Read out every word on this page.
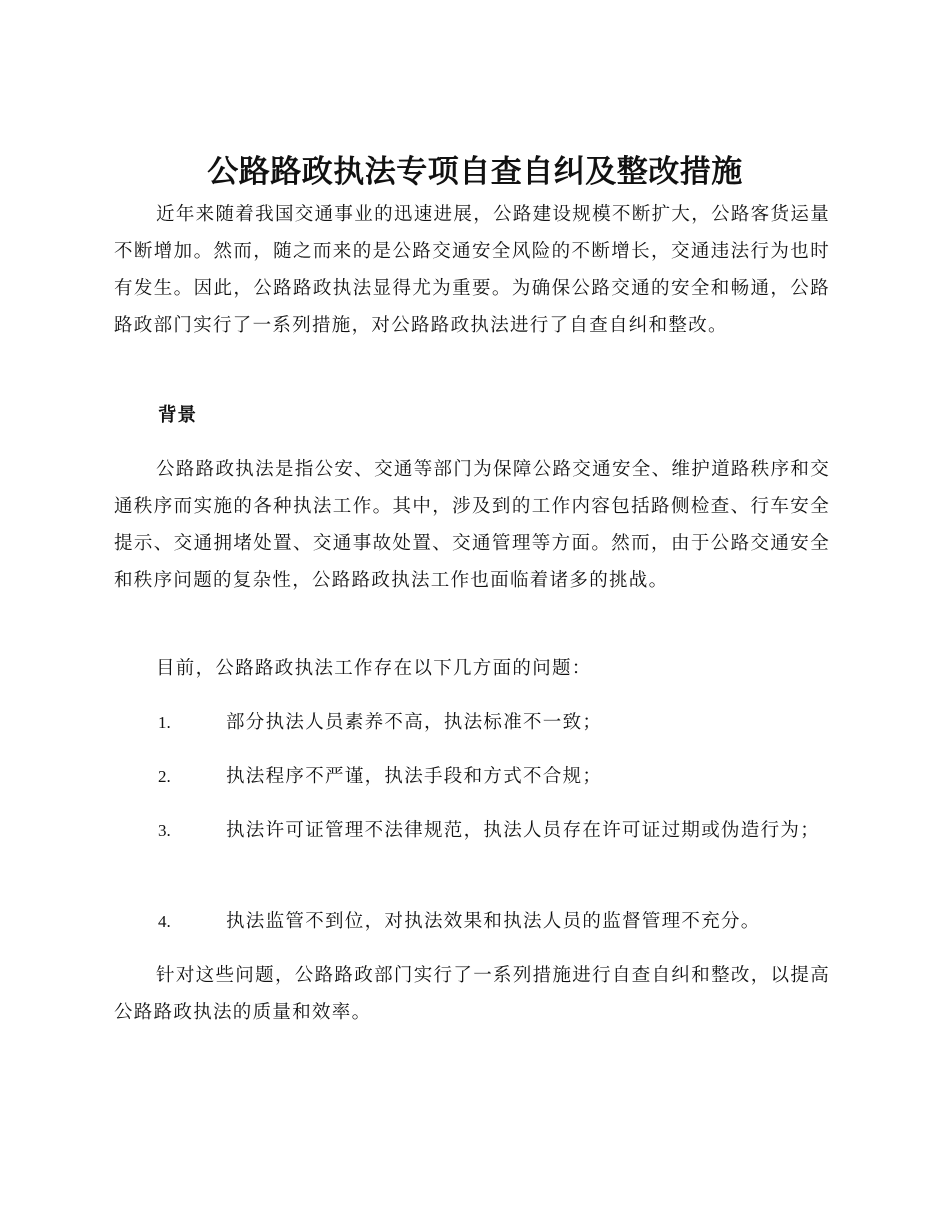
公路路政执法专项自查自纠及整改措施

近年来随着我国交通事业的迅速进展，公路建设规模不断扩大，公路客货运量不断增加。然而，随之而来的是公路交通安全风险的不断增长，交通违法行为也时有发生。因此，公路路政执法显得尤为重要。为确保公路交通的安全和畅通，公路路政部门实行了一系列措施，对公路路政执法进行了自查自纠和整改。

背景

公路路政执法是指公安、交通等部门为保障公路交通安全、维护道路秩序和交通秩序而实施的各种执法工作。其中，涉及到的工作内容包括路侧检查、行车安全提示、交通拥堵处置、交通事故处置、交通管理等方面。然而，由于公路交通安全和秩序问题的复杂性，公路路政执法工作也面临着诸多的挑战。

目前，公路路政执法工作存在以下几方面的问题：

1.	部分执法人员素养不高，执法标准不一致；

2.	执法程序不严谨，执法手段和方式不合规；

3.	执法许可证管理不法律规范，执法人员存在许可证过期或伪造行为；

4.	执法监管不到位，对执法效果和执法人员的监督管理不充分。

针对这些问题，公路路政部门实行了一系列措施进行自查自纠和整改，以提高公路路政执法的质量和效率。
